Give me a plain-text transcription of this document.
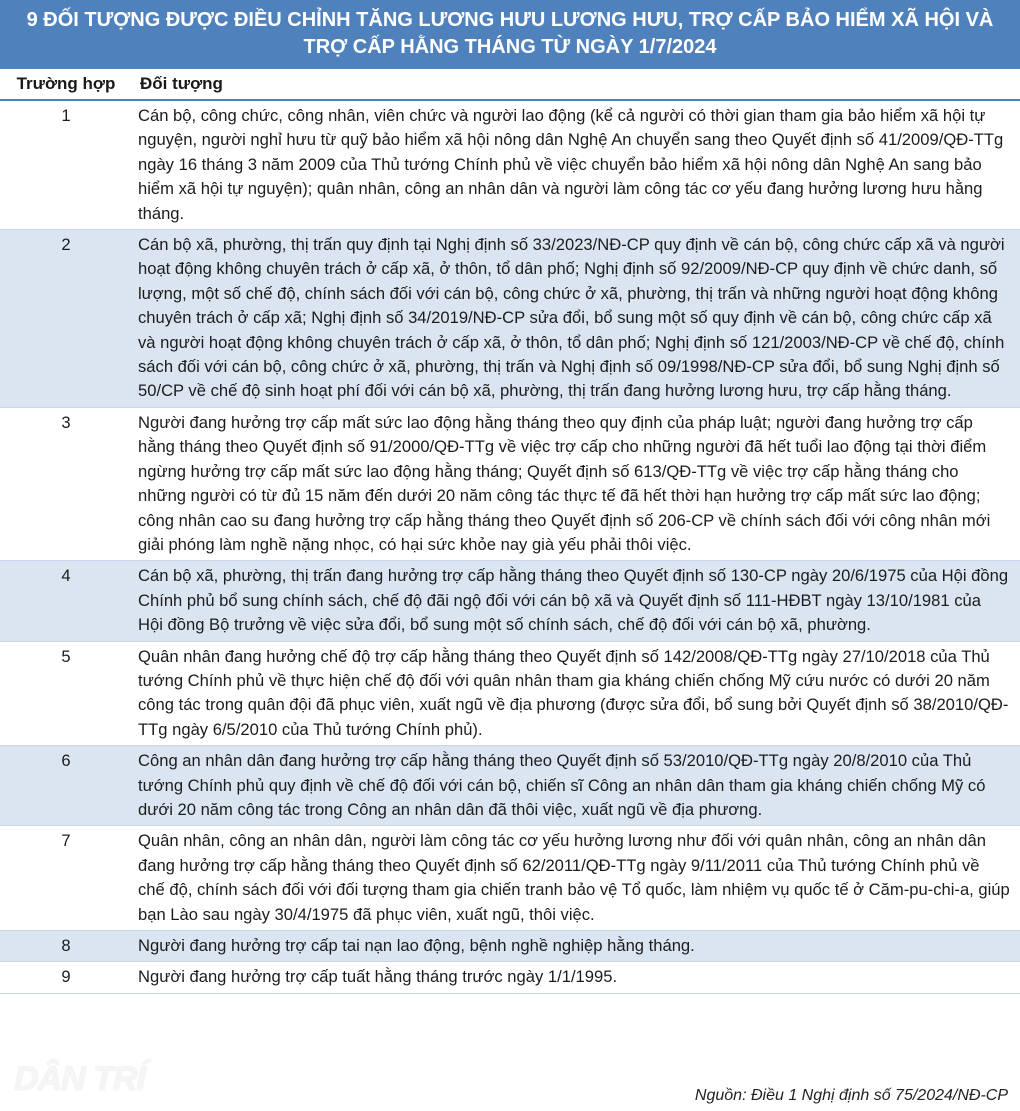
9 ĐỐI TƯỢNG ĐƯỢC ĐIỀU CHỈNH TĂNG LƯƠNG HƯU LƯƠNG HƯU, TRỢ CẤP BẢO HIỂM XÃ HỘI VÀ TRỢ CẤP HẰNG THÁNG TỪ NGÀY 1/7/2024
Trường hợp	Đối tượng
1	Cán bộ, công chức, công nhân, viên chức và người lao động (kể cả người có thời gian tham gia bảo hiểm xã hội tự nguyện, người nghỉ hưu từ quỹ bảo hiểm xã hội nông dân Nghệ An chuyển sang theo Quyết định số 41/2009/QĐ-TTg ngày 16 tháng 3 năm 2009 của Thủ tướng Chính phủ về việc chuyển bảo hiểm xã hội nông dân Nghệ An sang bảo hiểm xã hội tự nguyện); quân nhân, công an nhân dân và người làm công tác cơ yếu đang hưởng lương hưu hằng tháng.
2	Cán bộ xã, phường, thị trấn quy định tại Nghị định số 33/2023/NĐ-CP quy định về cán bộ, công chức cấp xã và người hoạt động không chuyên trách ở cấp xã, ở thôn, tổ dân phố; Nghị định số 92/2009/NĐ-CP quy định về chức danh, số lượng, một số chế độ, chính sách đối với cán bộ, công chức ở xã, phường, thị trấn và những người hoạt động không chuyên trách ở cấp xã; Nghị định số 34/2019/NĐ-CP sửa đổi, bổ sung một số quy định về cán bộ, công chức cấp xã và người hoạt động không chuyên trách ở cấp xã, ở thôn, tổ dân phố; Nghị định số 121/2003/NĐ-CP về chế độ, chính sách đối với cán bộ, công chức ở xã, phường, thị trấn và Nghị định số 09/1998/NĐ-CP sửa đổi, bổ sung Nghị định số 50/CP về chế độ sinh hoạt phí đối với cán bộ xã, phường, thị trấn đang hưởng lương hưu, trợ cấp hằng tháng.
3	Người đang hưởng trợ cấp mất sức lao động hằng tháng theo quy định của pháp luật; người đang hưởng trợ cấp hằng tháng theo Quyết định số 91/2000/QĐ-TTg về việc trợ cấp cho những người đã hết tuổi lao động tại thời điểm ngừng hưởng trợ cấp mất sức lao động hằng tháng; Quyết định số 613/QĐ-TTg về việc trợ cấp hằng tháng cho những người có từ đủ 15 năm đến dưới 20 năm công tác thực tế đã hết thời hạn hưởng trợ cấp mất sức lao động; công nhân cao su đang hưởng trợ cấp hằng tháng theo Quyết định số 206-CP về chính sách đối với công nhân mới giải phóng làm nghề nặng nhọc, có hại sức khỏe nay già yếu phải thôi việc.
4	Cán bộ xã, phường, thị trấn đang hưởng trợ cấp hằng tháng theo Quyết định số 130-CP ngày 20/6/1975 của Hội đồng Chính phủ bổ sung chính sách, chế độ đãi ngộ đối với cán bộ xã và Quyết định số 111-HĐBT ngày 13/10/1981 của Hội đồng Bộ trưởng về việc sửa đổi, bổ sung một số chính sách, chế độ đối với cán bộ xã, phường.
5	Quân nhân đang hưởng chế độ trợ cấp hằng tháng theo Quyết định số 142/2008/QĐ-TTg ngày 27/10/2018 của Thủ tướng Chính phủ về thực hiện chế độ đối với quân nhân tham gia kháng chiến chống Mỹ cứu nước có dưới 20 năm công tác trong quân đội đã phục viên, xuất ngũ về địa phương (được sửa đổi, bổ sung bởi Quyết định số 38/2010/QĐ-TTg ngày 6/5/2010 của Thủ tướng Chính phủ).
6	Công an nhân dân đang hưởng trợ cấp hằng tháng theo Quyết định số 53/2010/QĐ-TTg ngày 20/8/2010 của Thủ tướng Chính phủ quy định về chế độ đối với cán bộ, chiến sĩ Công an nhân dân tham gia kháng chiến chống Mỹ có dưới 20 năm công tác trong Công an nhân dân đã thôi việc, xuất ngũ về địa phương.
7	Quân nhân, công an nhân dân, người làm công tác cơ yếu hưởng lương như đối với quân nhân, công an nhân dân đang hưởng trợ cấp hằng tháng theo Quyết định số 62/2011/QĐ-TTg ngày 9/11/2011 của Thủ tướng Chính phủ về chế độ, chính sách đối với đối tượng tham gia chiến tranh bảo vệ Tổ quốc, làm nhiệm vụ quốc tế ở Căm-pu-chi-a, giúp bạn Lào sau ngày 30/4/1975 đã phục viên, xuất ngũ, thôi việc.
8	Người đang hưởng trợ cấp tai nạn lao động, bệnh nghề nghiệp hằng tháng.
9	Người đang hưởng trợ cấp tuất hằng tháng trước ngày 1/1/1995.
DÂN TRÍ	Nguồn: Điều 1 Nghị định số 75/2024/NĐ-CP
